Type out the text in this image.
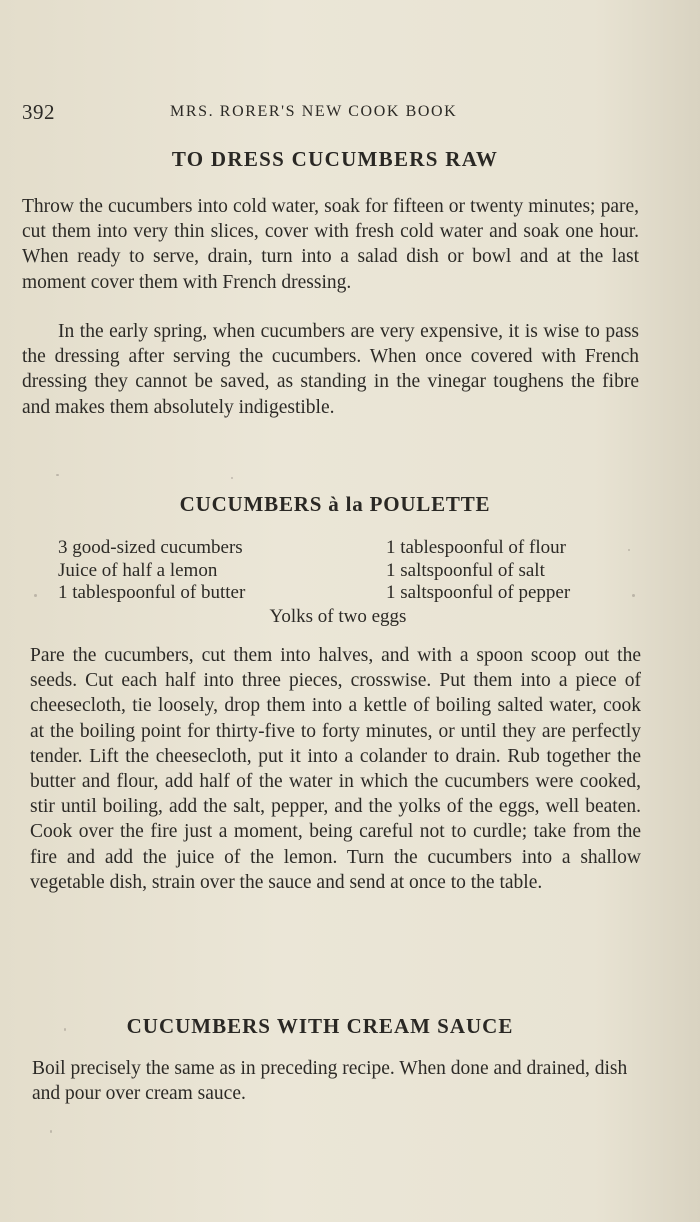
392	MRS. RORER'S NEW COOK BOOK
TO DRESS CUCUMBERS RAW

Throw the cucumbers into cold water, soak for fifteen or twenty minutes; pare, cut them into very thin slices, cover with fresh cold water and soak one hour. When ready to serve, drain, turn into a salad dish or bowl and at the last moment cover them with French dressing.

In the early spring, when cucumbers are very expensive, it is wise to pass the dressing after serving the cucumbers. When once covered with French dressing they cannot be saved, as standing in the vinegar toughens the fibre and makes them absolutely indigestible.

CUCUMBERS à la POULETTE
3 good-sized cucumbers
Juice of half a lemon
1 tablespoonful of butter
1 tablespoonful of flour
1 saltspoonful of salt
1 saltspoonful of pepper
Yolks of two eggs

Pare the cucumbers, cut them into halves, and with a spoon scoop out the seeds. Cut each half into three pieces, crosswise. Put them into a piece of cheesecloth, tie loosely, drop them into a kettle of boiling salted water, cook at the boiling point for thirty-five to forty minutes, or until they are perfectly tender. Lift the cheesecloth, put it into a colander to drain. Rub together the butter and flour, add half of the water in which the cucumbers were cooked, stir until boiling, add the salt, pepper, and the yolks of the eggs, well beaten. Cook over the fire just a moment, being careful not to curdle; take from the fire and add the juice of the lemon. Turn the cucumbers into a shallow vegetable dish, strain over the sauce and send at once to the table.

CUCUMBERS WITH CREAM SAUCE

Boil precisely the same as in preceding recipe. When done and drained, dish and pour over cream sauce.
